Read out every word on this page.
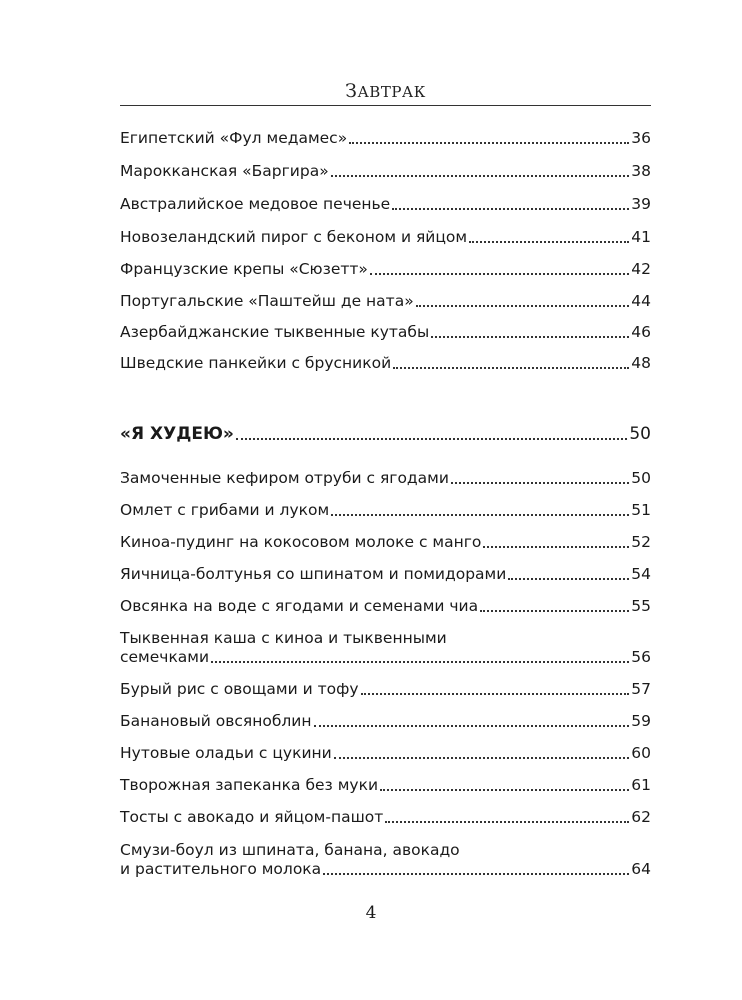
ЗАВТРАК
Египетский «Фул медамес»	36
Марокканская «Баргира»	38
Австралийское медовое печенье	39
Новозеландский пирог с беконом и яйцом	41
Французские крепы «Сюзетт»	42
Португальские «Паштейш де ната»	44
Азербайджанские тыквенные кутабы	46
Шведские панкейки с брусникой	48
«Я ХУДЕЮ»	50
Замоченные кефиром отруби с ягодами	50
Омлет с грибами и луком	51
Киноа-пудинг на кокосовом молоке с манго	52
Яичница-болтунья со шпинатом и помидорами	54
Овсянка на воде с ягодами и семенами чиа	55
Тыквенная каша с киноа и тыквенными
семечками	56
Бурый рис с овощами и тофу	57
Банановый овсяноблин	59
Нутовые оладьи с цукини	60
Творожная запеканка без муки	61
Тосты с авокадо и яйцом-пашот	62
Смузи-боул из шпината, банана, авокадо
и растительного молока	64
4
